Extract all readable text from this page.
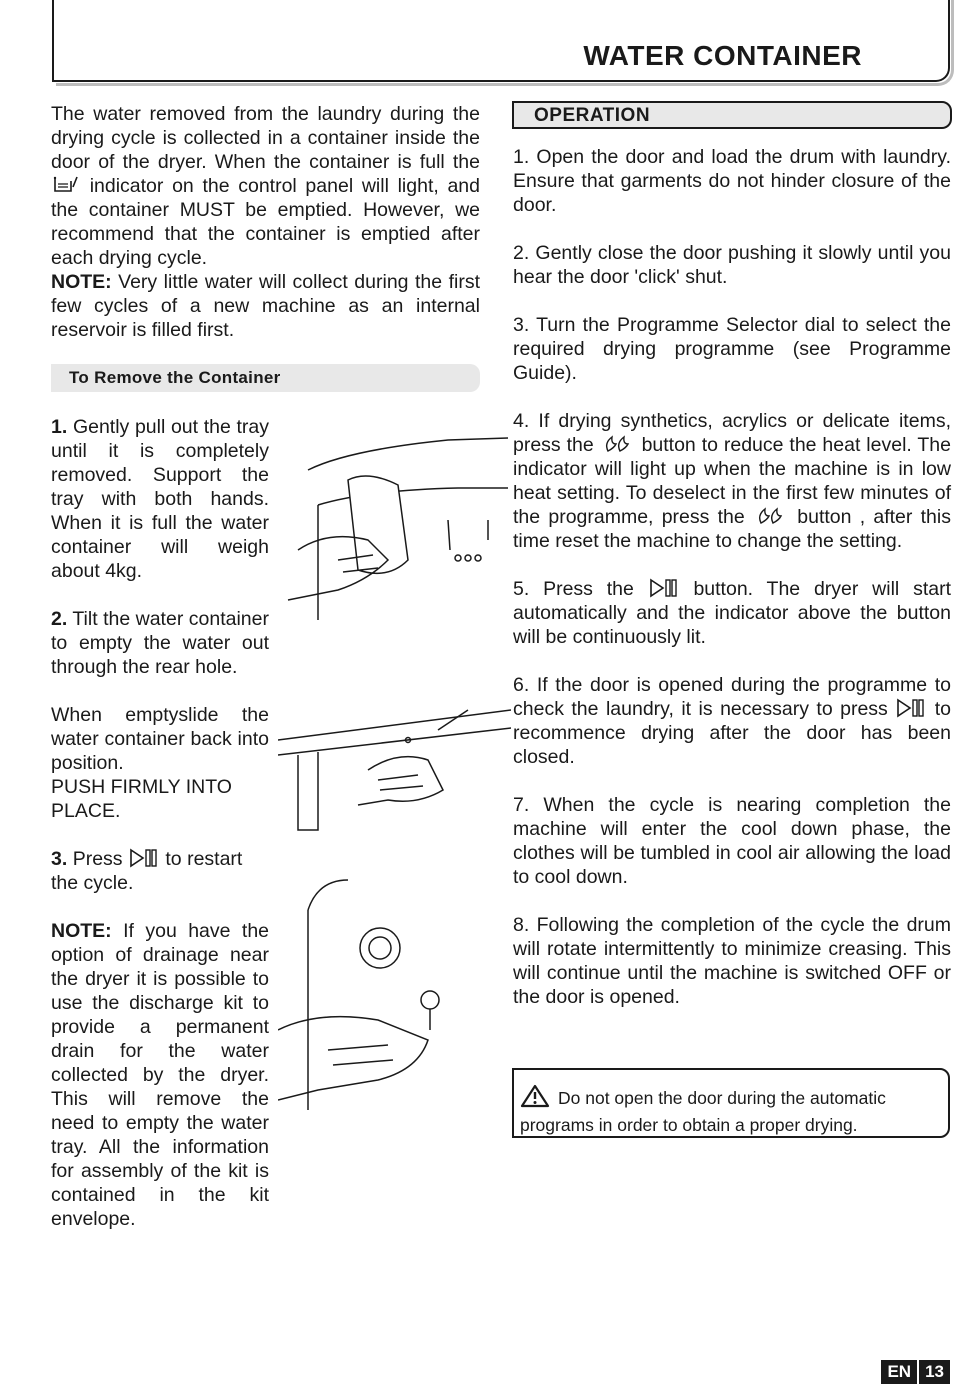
WATER CONTAINER

The water removed from the laundry during the drying cycle is collected in a container inside the door of the dryer. When the container is full the  indicator on the control panel will light, and the container MUST be emptied. However, we recommend that the container is emptied after each drying cycle.
NOTE: Very little water will collect during the first few cycles of a new machine as an internal reservoir is filled first.

To Remove the Container

1. Gently pull out the tray until it is completely removed. Support the tray with both hands. When it is full the water container will weigh about 4kg.

2. Tilt the water container to empty the water out through the rear hole.

When emptyslide the water container back into position.

PUSH FIRMLY INTO PLACE.

3. Press to restart the cycle.

NOTE: If you have the option of drainage near the dryer it is possible to use the discharge kit to provide a permanent drain for the water collected by the dryer. This will remove the need to empty the water tray. All the information for assembly of the kit is contained in the kit envelope.

OPERATION

1. Open the door and load the drum with laundry. Ensure that garments do not hinder closure of the door.

2. Gently close the door pushing it slowly until you hear the door 'click' shut.

3. Turn the Programme Selector dial to select the required drying programme (see Programme Guide).

4. If drying synthetics, acrylics or delicate items, press the button to reduce the heat level. The indicator will light up when the machine is in low heat setting. To deselect in the first few minutes of the programme, press the	button , after this time reset the machine to change the setting.

5. Press the	button. The dryer will start automatically and the indicator above the button will be continuously lit.

6. If the door is opened during the programme to check the laundry, it is necessary to press to recommence drying after the door has been closed.

7. When the cycle is nearing completion the machine will enter the cool down phase, the clothes will be tumbled in cool air allowing the load to cool down.

8. Following the completion of the cycle the drum will rotate intermittently to minimize creasing. This will continue until the machine is switched OFF or the door is opened.

Do not open the door during the automatic programs in order to obtain a proper drying.
EN 13
